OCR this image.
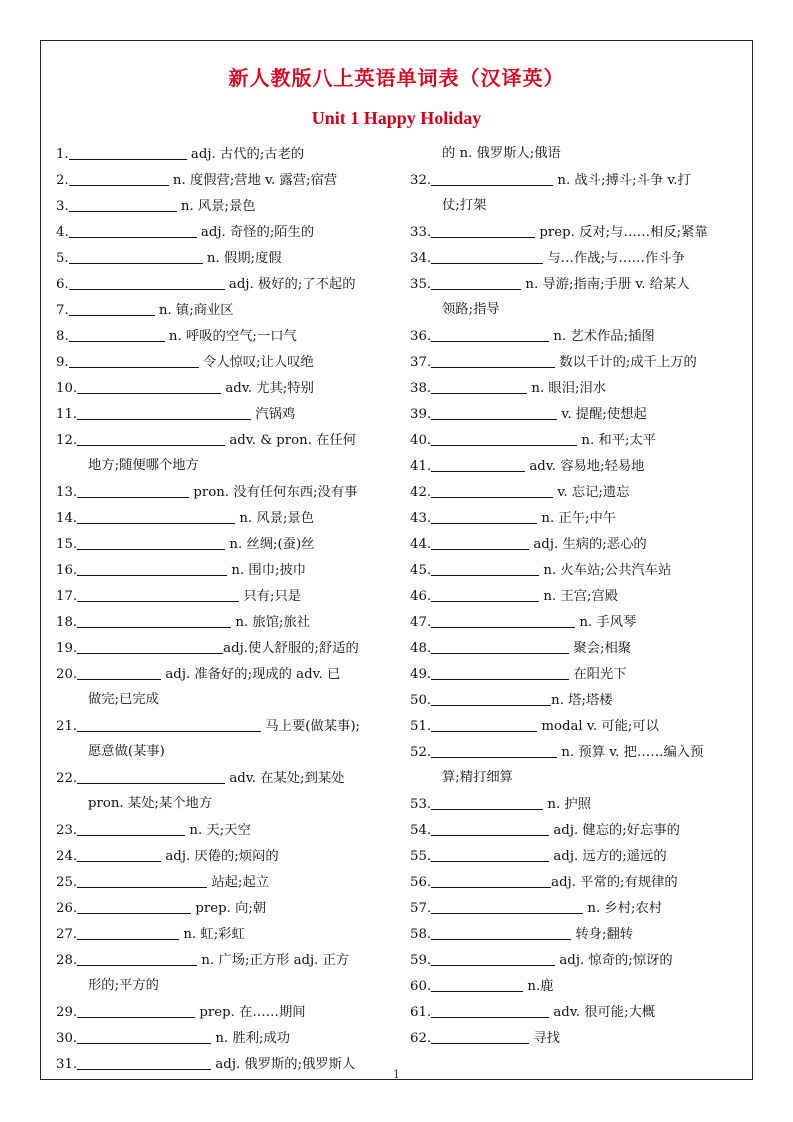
新人教版八上英语单词表（汉译英）
Unit 1 Happy Holiday
1.	adj. 古代的;古老的
2.	n. 度假营;营地 v. 露营;宿营
3.	n. 风景;景色
4.	adj. 奇怪的;陌生的
5.	n. 假期;度假
6.	adj. 极好的;了不起的
7.	n. 镇;商业区
8.	n. 呼吸的空气;一口气
9.	令人惊叹;让人叹绝
10.	adv. 尤其;特别
11.	汽锅鸡
12.	adv. & pron. 在任何
地方;随便哪个地方
13.	pron. 没有任何东西;没有事
14.	n. 风景;景色
15.	n. 丝绸;(蚕)丝
16.	n. 围巾;披巾
17.	只有;只是
18.	n. 旅馆;旅社
19.	adj.使人舒服的;舒适的
20.	adj. 准备好的;现成的 adv. 已
做完;已完成
21.	马上要(做某事);
愿意做(某事)
22.	adv. 在某处;到某处
pron. 某处;某个地方
23.	n. 天;天空
24.	adj. 厌倦的;烦闷的
25.	站起;起立
26.	prep. 向;朝
27.	n. 虹;彩虹
28.	n. 广场;正方形 adj. 正方
形的;平方的
29.	prep. 在……期间
30.	n. 胜利;成功
31.	adj. 俄罗斯的;俄罗斯人
的 n. 俄罗斯人;俄语
32.	n. 战斗;搏斗;斗争 v.打
仗;打架
33.	prep. 反对;与……相反;紧靠
34.	与…作战;与……作斗争
35.	n. 导游;指南;手册 v. 给某人
领路;指导
36.	n. 艺术作品;插图
37.	数以千计的;成千上万的
38.	n. 眼泪;泪水
39.	v. 提醒;使想起
40.	n. 和平;太平
41.	adv. 容易地;轻易地
42.	v. 忘记;遗忘
43.	n. 正午;中午
44.	adj. 生病的;恶心的
45.	n. 火车站;公共汽车站
46.	n. 王宫;宫殿
47.	n. 手风琴
48.	聚会;相聚
49.	在阳光下
50.	n. 塔;塔楼
51.	modal v. 可能;可以
52.	n. 预算 v. 把……编入预
算;精打细算
53.	n. 护照
54.	adj. 健忘的;好忘事的
55.	adj. 远方的;遥远的
56.	adj. 平常的;有规律的
57.	n. 乡村;农村
58.	转身;翻转
59.	adj. 惊奇的;惊讶的
60.	n.鹿
61.	adv. 很可能;大概
62.	寻找
1
